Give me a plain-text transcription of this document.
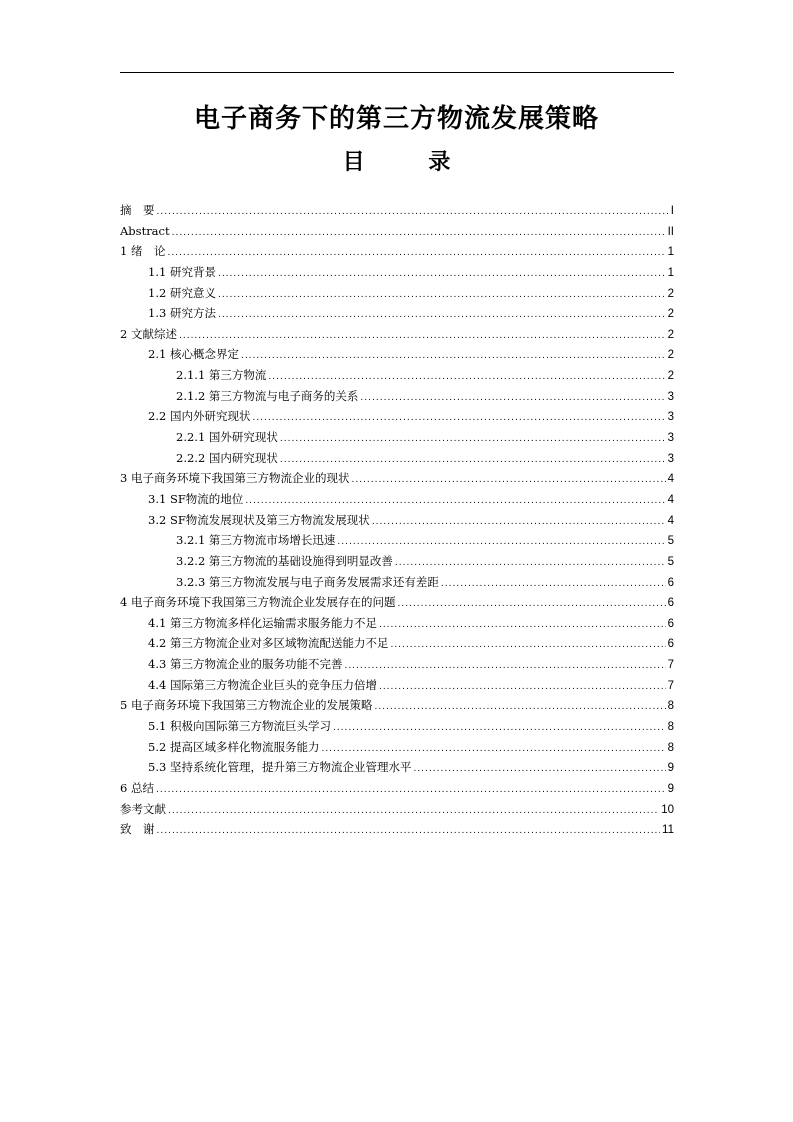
电子商务下的第三方物流发展策略
目 录
摘　要 .....	I
Abstract .....	II
1 绪　论 .....	1
1.1 研究背景 .....	1
1.2 研究意义 .....	2
1.3 研究方法 .....	2
2 文献综述 .....	2
2.1 核心概念界定 .....	2
2.1.1 第三方物流 .....	2
2.1.2 第三方物流与电子商务的关系 .....	3
2.2 国内外研究现状 .....	3
2.2.1 国外研究现状 .....	3
2.2.2 国内研究现状 .....	3
3 电子商务环境下我国第三方物流企业的现状 .....	4
3.1 SF物流的地位 .....	4
3.2 SF物流发展现状及第三方物流发展现状 .....	4
3.2.1 第三方物流市场增长迅速 .....	5
3.2.2 第三方物流的基础设施得到明显改善 .....	5
3.2.3 第三方物流发展与电子商务发展需求还有差距 .....	6
4 电子商务环境下我国第三方物流企业发展存在的问题 .....	6
4.1 第三方物流多样化运输需求服务能力不足 .....	6
4.2 第三方物流企业对多区域物流配送能力不足 .....	6
4.3 第三方物流企业的服务功能不完善 .....	7
4.4 国际第三方物流企业巨头的竞争压力倍增 .....	7
5 电子商务环境下我国第三方物流企业的发展策略 .....	8
5.1 积极向国际第三方物流巨头学习 .....	8
5.2 提高区域多样化物流服务能力 .....	8
5.3 坚持系统化管理，提升第三方物流企业管理水平 .....	9
6 总结 .....	9
参考文献 .....	10
致　谢 .....	11
